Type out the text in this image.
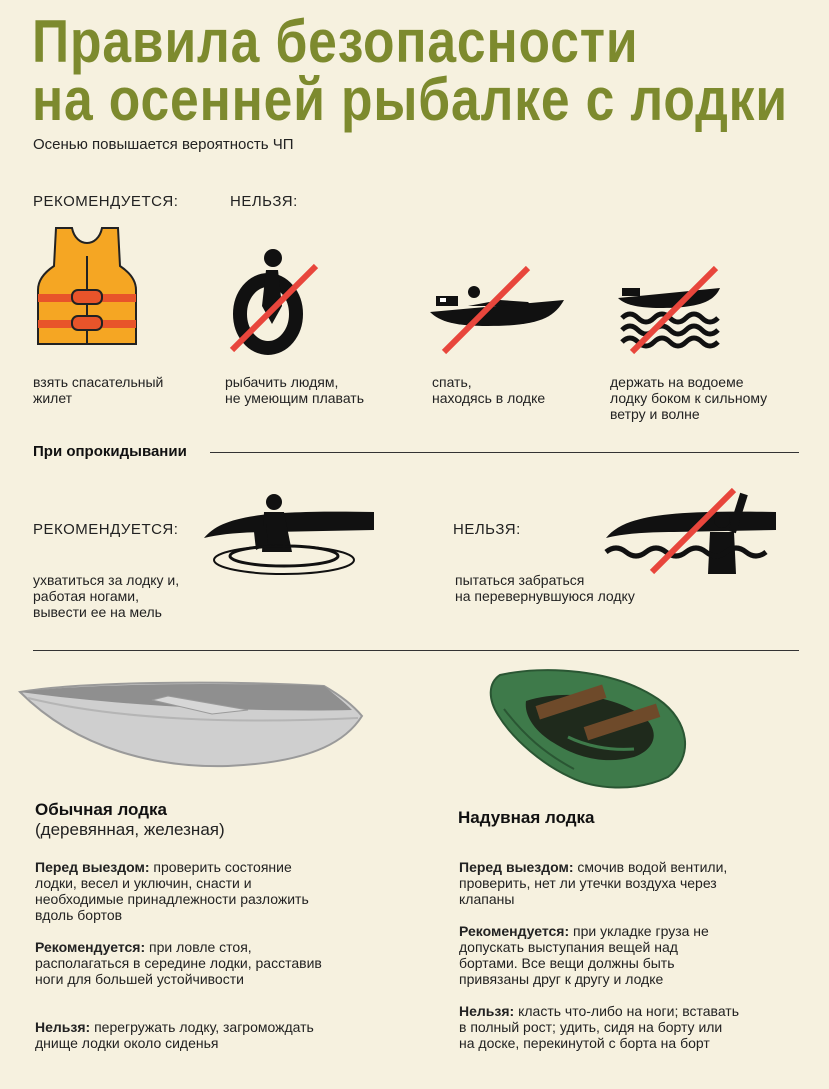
Правила безопасности
на осенней рыбалке с лодки
Осенью повышается вероятность ЧП
РЕКОМЕНДУЕТСЯ:	НЕЛЬЗЯ:
взять спасательный
жилет
рыбачить людям,
не умеющим плавать
спать,
находясь в лодке
держать на водоеме
лодку боком к сильному
ветру и волне
При опрокидывании
РЕКОМЕНДУЕТСЯ:	НЕЛЬЗЯ:
ухватиться за лодку и,
работая ногами,
вывести ее на мель
пытаться забраться
на перевернувшуюся лодку
Обычная лодка
(деревянная, железная)
Перед выездом: проверить состояние лодки, весел и уключин, снасти и необходимые принадлежности разложить вдоль бортов
Рекомендуется: при ловле стоя, располагаться в середине лодки, расставив ноги для большей устойчивости
Нельзя: перегружать лодку, загромождать днище лодки около сиденья
Надувная лодка
Перед выездом: смочив водой вентили, проверить, нет ли утечки воздуха через клапаны
Рекомендуется: при укладке груза не допускать выступания вещей над бортами. Все вещи должны быть привязаны друг к другу и лодке
Нельзя: класть что-либо на ноги; вставать в полный рост; удить, сидя на борту или на доске, перекинутой с борта на борт
